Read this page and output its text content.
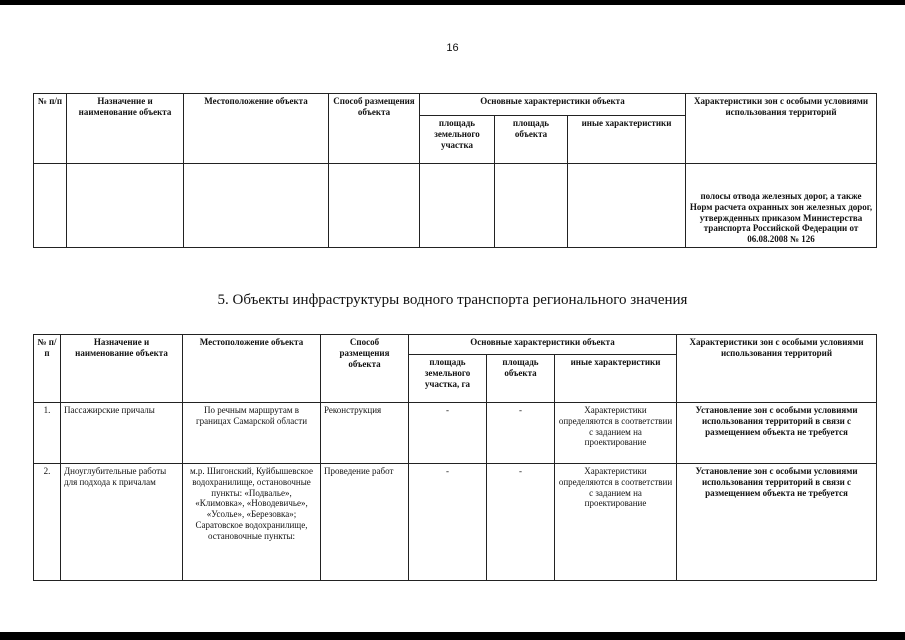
16
№ п/п	Назначение и наименование объекта	Местоположение объекта	Способ размещения объекта	Основные характеристики объекта			Характеристики зон с особыми условиями использования территорий
				площадь земельного участка	площадь объекта	иные характеристики	
							полосы отвода железных дорог, а также Норм расчета охранных зон железных дорог, утвержденных приказом Министерства транспорта Российской Федерации от 06.08.2008 № 126
5. Объекты инфраструктуры водного транспорта регионального значения
№ п/п	Назначение и наименование объекта	Местоположение объекта	Способ размещения объекта	Основные характеристики объекта			Характеристики зон с особыми условиями использования территорий
				площадь земельного участка, га	площадь объекта	иные характеристики	
1.	Пассажирские причалы	По речным маршрутам в границах Самарской области	Реконструкция	-	-	Характеристики определяются в соответствии с заданием на проектирование	Установление зон с особыми условиями использования территорий в связи с размещением объекта не требуется
2.	Дноуглубительные работы для подхода к причалам	м.р. Шигонский, Куйбышевское водохранилище, остановочные пункты: «Подвалье», «Климовка», «Новодевичье», «Усолье», «Березовка»; Саратовское водохранилище, остановочные пункты:	Проведение работ	-	-	Характеристики определяются в соответствии с заданием на проектирование	Установление зон с особыми условиями использования территорий в связи с размещением объекта не требуется
